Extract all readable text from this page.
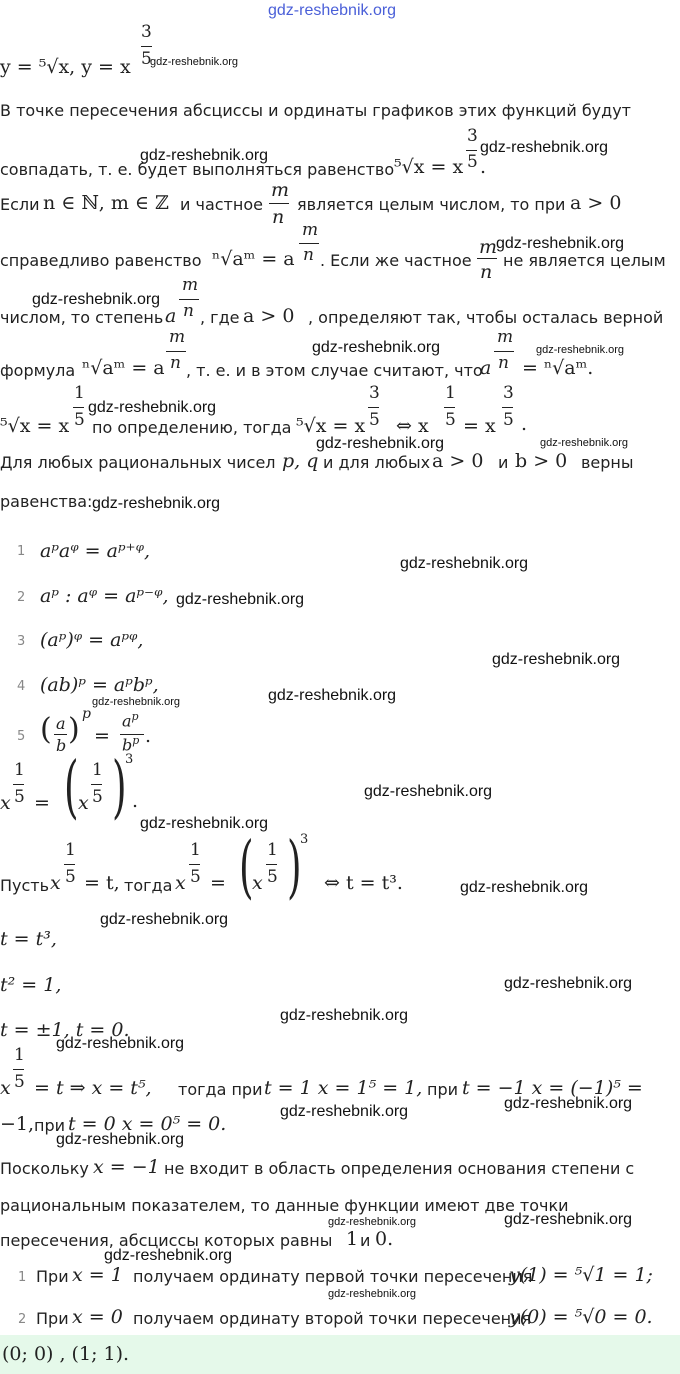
gdz-reshebnik.org
y = ⁵√x, y = x
3
5
gdz-reshebnik.org
В точке пересечения абсциссы и ординаты графиков этих функций будут
совпадать, т. е. будет выполняться равенство ⁵√x = x
3
5 .
gdz-reshebnik.org	gdz-reshebnik.org
Если n ∈ ℕ, m ∈ ℤ и частное
m
n
является целым числом, то при a > 0
справедливо равенство ⁿ√aᵐ = a
m
n . Если же частное
m
n
не является целым
gdz-reshebnik.org
gdz-reshebnik.org
числом, то степень a
m
n , где a > 0 , определяют так, чтобы осталась верной
формула ⁿ√aᵐ = a
m
n , т. е. и в этом случае считают, что
a
m
n = ⁿ√aᵐ.
gdz-reshebnik.org	gdz-reshebnik.org
⁵√x = x
1
5 по определению, тогда ⁵√x = x
3
5 ⇔ x
1
5 = x
3
5 .
gdz-reshebnik.org
gdz-reshebnik.org	gdz-reshebnik.org
Для любых рациональных чисел p, q и для любых a > 0 и b > 0 верны
равенства: gdz-reshebnik.org
1 aᵖaᵠ = aᵖ⁺ᵠ,
gdz-reshebnik.org
2 aᵖ : aᵠ = aᵖ⁻ᵠ, gdz-reshebnik.org
3 (aᵖ)ᵠ = aᵖᵠ,
gdz-reshebnik.org
4 (ab)ᵖ = aᵖbᵖ,
gdz-reshebnik.org	gdz-reshebnik.org
5 ( a
b ) p
=
$a^p$
$b^p$ .
x
1
5 = ( x
1
5 )
3
.	gdz-reshebnik.org
gdz-reshebnik.org
Пусть x
1
5 = t, тогда x
1
5 = (
x
1
5 )
3
⇔ t = t³.	gdz-reshebnik.org
gdz-reshebnik.org
t = t³,
t² = 1,	gdz-reshebnik.org
t = ±1, t = 0.
gdz-reshebnik.org
gdz-reshebnik.org
x
1
5 = t ⇒ x = t⁵, тогда при t = 1 x = 1⁵ = 1, при t = −1 x = (−1)⁵ =
−1, при t = 0 x = 0⁵ = 0.
gdz-reshebnik.org	gdz-reshebnik.org
gdz-reshebnik.org
Поскольку x = −1 не входит в область определения основания степени с
рациональным показателем, то данные функции имеют две точки
пересечения, абсциссы которых равны 1 и 0.
gdz-reshebnik.org	gdz-reshebnik.org
gdz-reshebnik.org
1 При x = 1 получаем ординату первой точки пересечения
y(1) = ⁵√1 = 1;
gdz-reshebnik.org
2 При x = 0 получаем ординату второй точки пересечения
y(0) = ⁵√0 = 0.
(0; 0) , (1; 1).
